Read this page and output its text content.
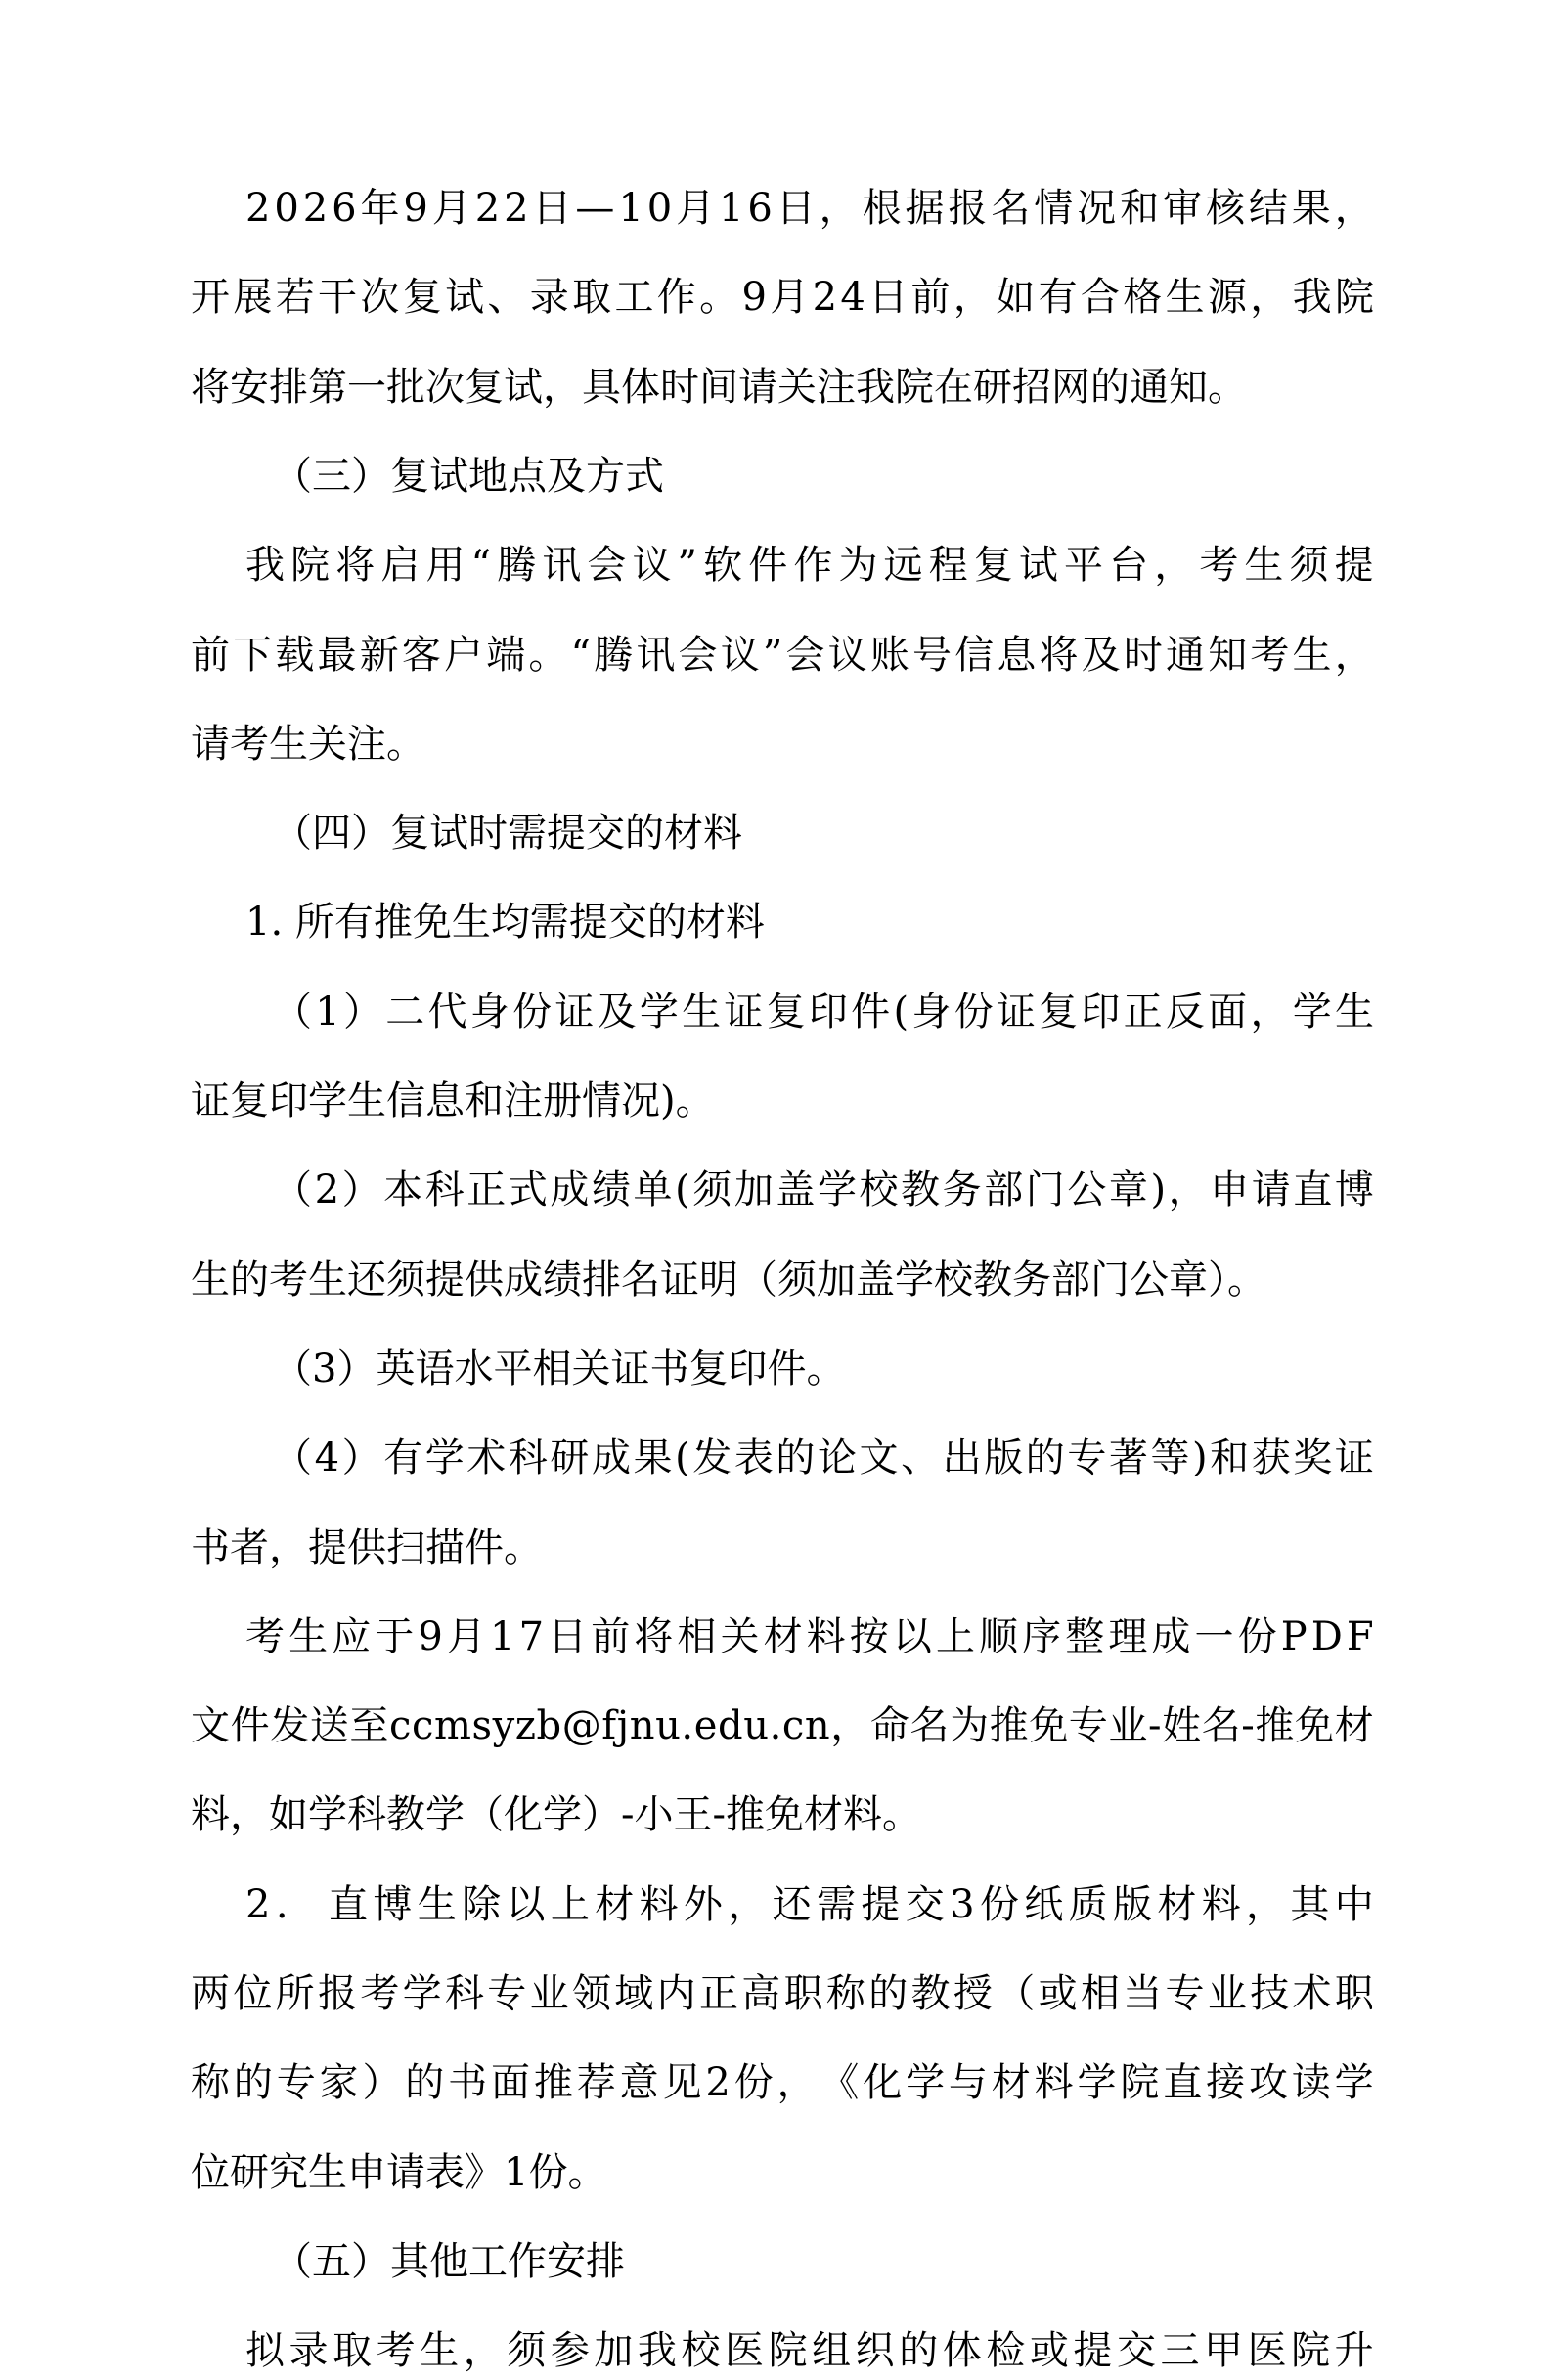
2 0 2 6 年 9 月 2 2 日 — 1 0 月 1 6 日 ， 根 据 报 名 情 况 和 审 核 结 果 ，
开 展 若 干 次 复 试 、 录 取 工 作 。 9 月 2 4 日 前 ， 如 有 合 格 生 源 ， 我 院
将安排第一批次复试，具体时间请关注我院在研招网的通知。
（三）复试地点及方式
我 院 将 启 用 “ 腾 讯 会 议 ” 软 件 作 为 远 程 复 试 平 台 ， 考 生 须 提
前 下 载 最 新 客 户 端 。 “ 腾 讯 会 议 ” 会 议 账 号 信 息 将 及 时 通 知 考 生 ，
请考生关注。
（四）复试时需提交的材料
1. 所有推免生均需提交的材料
（ 1 ） 二 代 身 份 证 及 学 生 证 复 印 件 ( 身 份 证 复 印 正 反 面 ， 学 生
证复印学生信息和注册情况)。
（ 2 ） 本 科 正 式 成 绩 单 ( 须 加 盖 学 校 教 务 部 门 公 章 ) ， 申 请 直 博
生的考生还须提供成绩排名证明（须加盖学校教务部门公章）。
（3）英语水平相关证书复印件。
（ 4 ） 有 学 术 科 研 成 果 ( 发 表 的 论 文 、 出 版 的 专 著 等 ) 和 获 奖 证
书者，提供扫描件。
考 生 应 于 9 月 1 7 日 前 将 相 关 材 料 按 以 上 顺 序 整 理 成 一 份 P D F
文 件 发 送 至 c c m s y z b @ f j n u . e d u . c n ， 命 名 为 推 免 专 业 - 姓 名 - 推 免 材
料，如学科教学（化学）-小王-推免材料。
2 .

直 博 生 除 以 上 材 料 外 ， 还 需 提 交 3 份 纸 质 版 材 料 ， 其 中
两 位 所 报 考 学 科 专 业 领 域 内 正 高 职 称 的 教 授 （ 或 相 当 专 业 技 术 职
称 的 专 家 ） 的 书 面 推 荐 意 见 2 份 ， 《 化 学 与 材 料 学 院 直 接 攻 读 学
位研究生申请表》1份。
（五）其他工作安排
拟 录 取 考 生 ， 须 参 加 我 校 医 院 组 织 的 体 检 或 提 交 三 甲 医 院 升
